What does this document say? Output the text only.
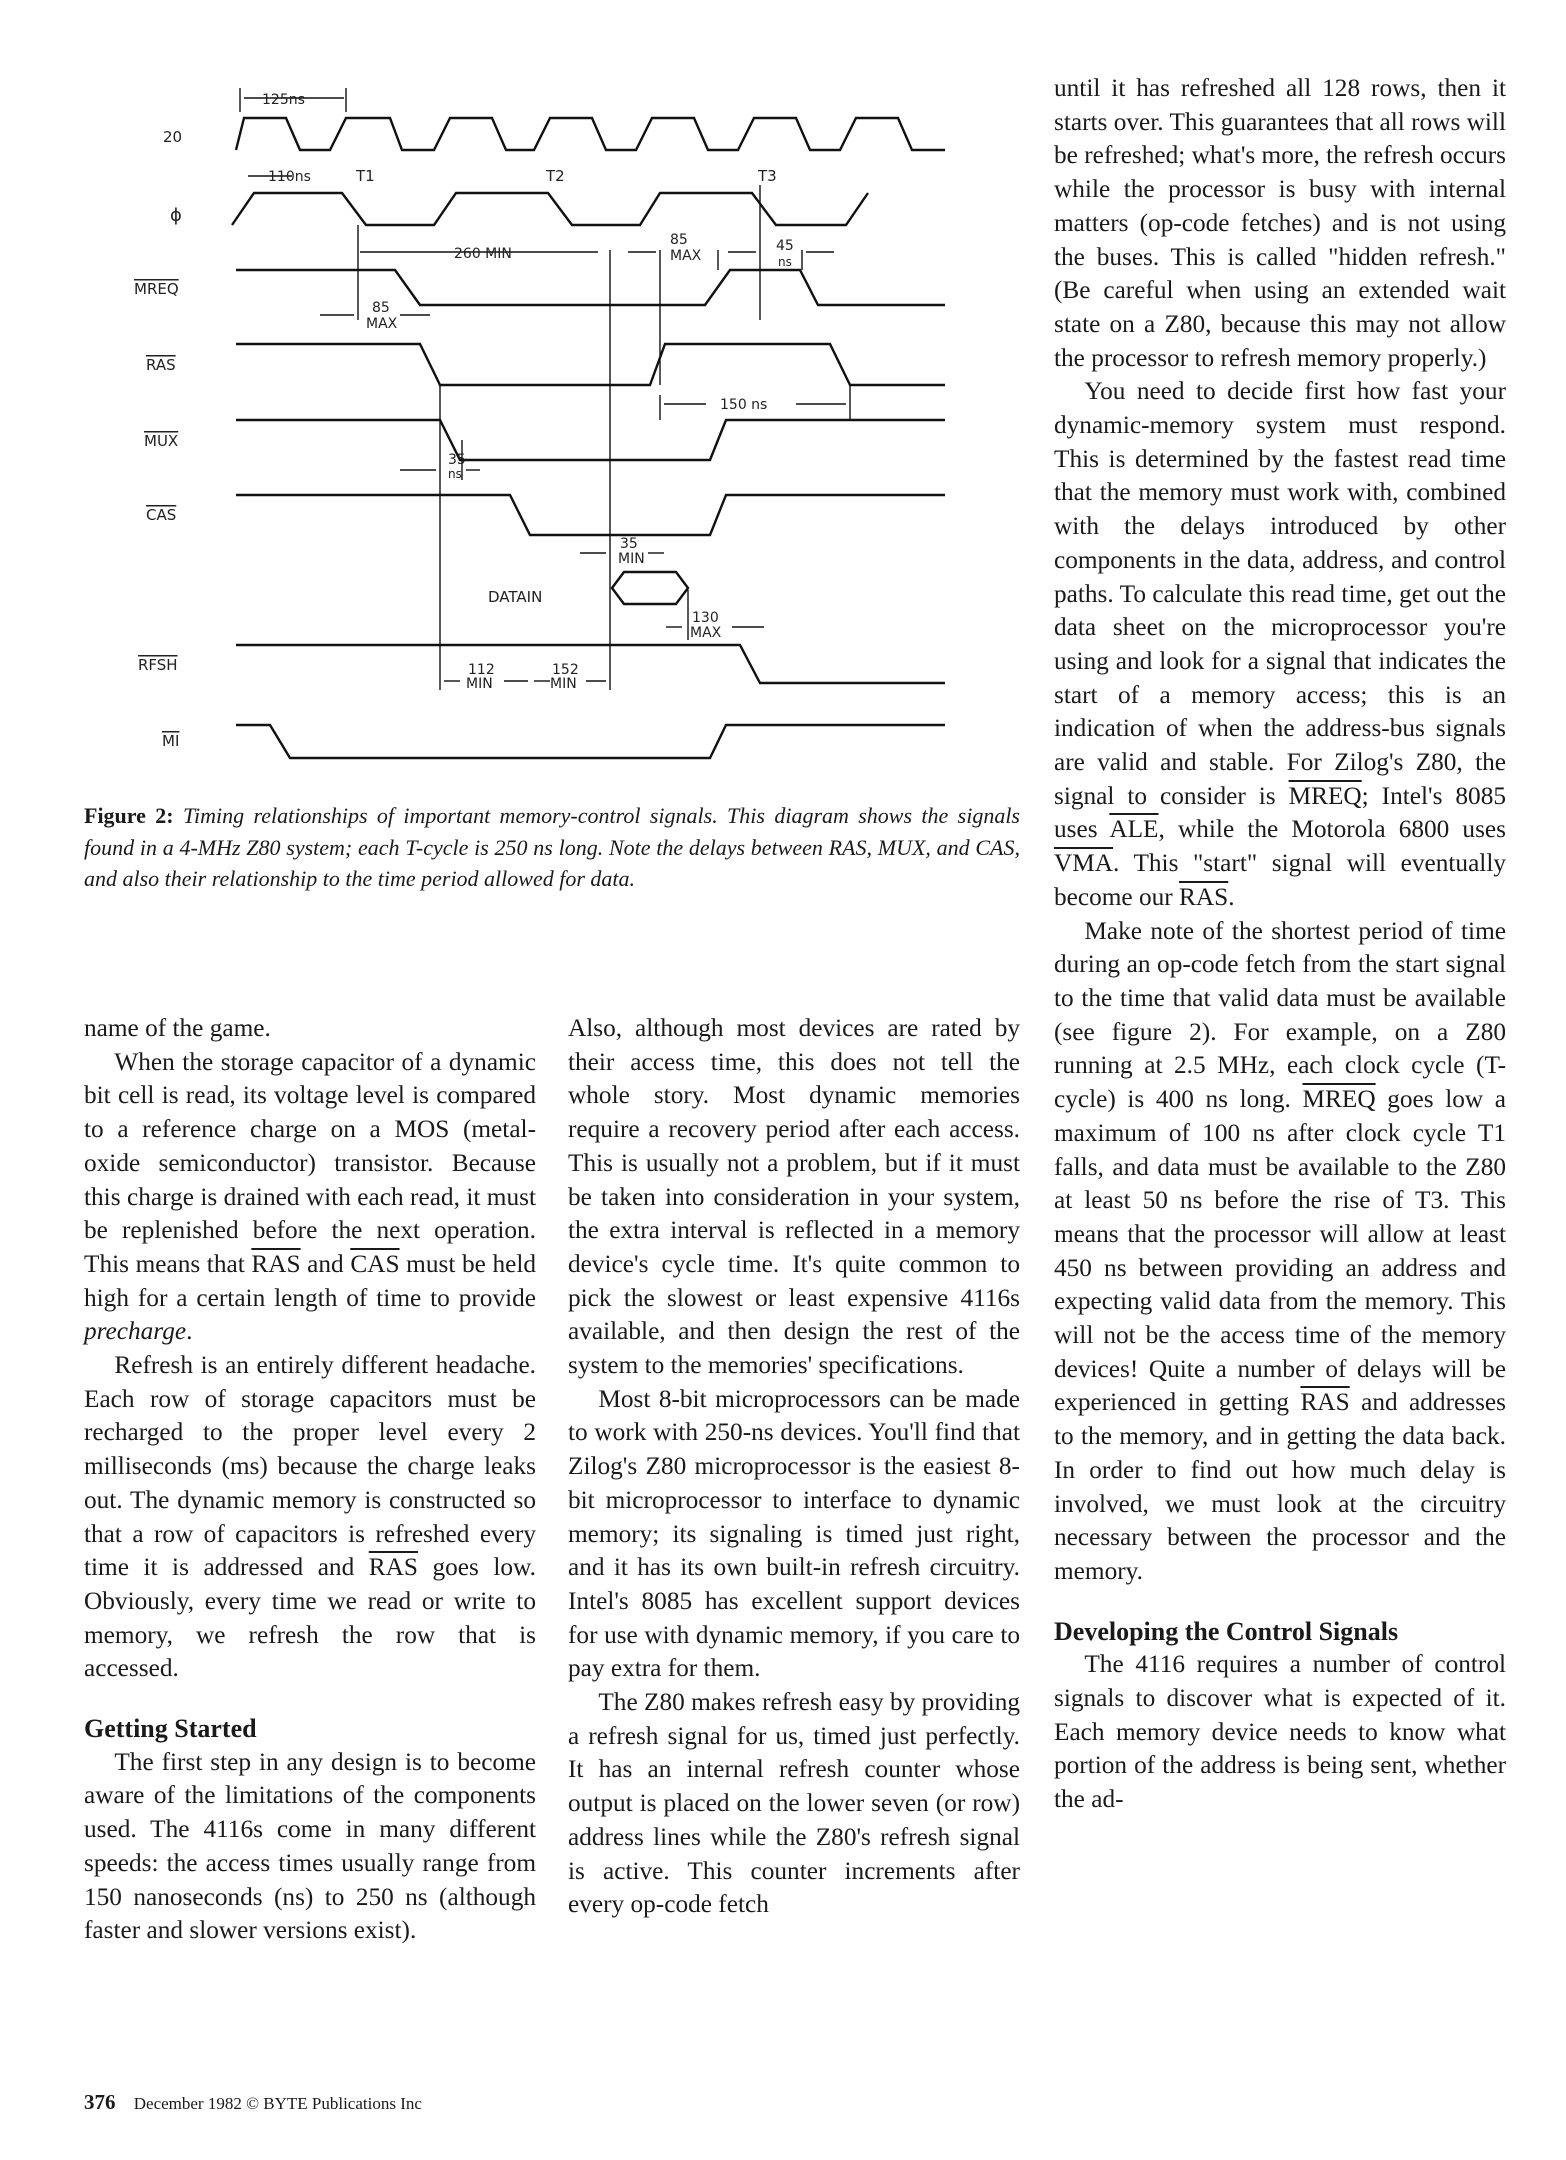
20
ϕ
MREQ
RAS
MUX
CAS
DATAIN
RFSH
MI
T1	T2	T3
125ns
110ns
260 MIN
85
MAX
45
ns
85
MAX
150 ns
35
ns
35
MIN
130
MAX
112
MIN
152
MIN
Figure 2: Timing relationships of important memory-control signals. This diagram shows the signals found in a 4-MHz Z80 system; each T-cycle is 250 ns long. Note the delays between RAS, MUX, and CAS, and also their relationship to the time period allowed for data.

name of the game.

When the storage capacitor of a dynamic bit cell is read, its voltage level is compared to a reference charge on a MOS (metal-oxide semiconductor) transistor. Because this charge is drained with each read, it must be replenished before the next operation. This means that $\overline{RAS}$ and $\overline{CAS}$ must be held high for a certain length of time to provide precharge.

Refresh is an entirely different headache. Each row of storage capacitors must be recharged to the proper level every 2 milliseconds (ms) because the charge leaks out. The dynamic memory is constructed so that a row of capacitors is refreshed every time it is addressed and $\overline{RAS}$ goes low. Obviously, every time we read or write to memory, we refresh the row that is accessed.

Getting Started

The first step in any design is to become aware of the limitations of the components used. The 4116s come in many different speeds: the access times usually range from 150 nanoseconds (ns) to 250 ns (although faster and slower versions exist).

Also, although most devices are rated by their access time, this does not tell the whole story. Most dynamic memories require a recovery period after each access. This is usually not a problem, but if it must be taken into consideration in your system, the extra interval is reflected in a memory device's cycle time. It's quite common to pick the slowest or least expensive 4116s available, and then design the rest of the system to the memories' specifications.

Most 8-bit microprocessors can be made to work with 250-ns devices. You'll find that Zilog's Z80 microprocessor is the easiest 8-bit microprocessor to interface to dynamic memory; its signaling is timed just right, and it has its own built-in refresh circuitry. Intel's 8085 has excellent support devices for use with dynamic memory, if you care to pay extra for them.

The Z80 makes refresh easy by providing a refresh signal for us, timed just perfectly. It has an internal refresh counter whose output is placed on the lower seven (or row) address lines while the Z80's refresh signal is active. This counter increments after every op-code fetch

until it has refreshed all 128 rows, then it starts over. This guarantees that all rows will be refreshed; what's more, the refresh occurs while the processor is busy with internal matters (op-code fetches) and is not using the buses. This is called "hidden refresh." (Be careful when using an extended wait state on a Z80, because this may not allow the processor to refresh memory properly.)

You need to decide first how fast your dynamic-memory system must respond. This is determined by the fastest read time that the memory must work with, combined with the delays introduced by other components in the data, address, and control paths. To calculate this read time, get out the data sheet on the microprocessor you're using and look for a signal that indicates the start of a memory access; this is an indication of when the address-bus signals are valid and stable. For Zilog's Z80, the signal to consider is MREQ; Intel's 8085 uses $\overline{ALE}$, while the Motorola 6800 uses $\overline{VMA}$. This "start" signal will eventually become our $\overline{RAS}$.

Make note of the shortest period of time during an op-code fetch from the start signal to the time that valid data must be available (see figure 2). For example, on a Z80 running at 2.5 MHz, each clock cycle (T-cycle) is 400 ns long. MREQ goes low a maximum of 100 ns after clock cycle T1 falls, and data must be available to the Z80 at least 50 ns before the rise of T3. This means that the processor will allow at least 450 ns between providing an address and expecting valid data from the memory. This will not be the access time of the memory devices! Quite a number of delays will be experienced in getting $\overline{RAS}$ and addresses to the memory, and in getting the data back. In order to find out how much delay is involved, we must look at the circuitry necessary between the processor and the memory.

Developing the Control Signals

The 4116 requires a number of control signals to discover what is expected of it. Each memory device needs to know what portion of the address is being sent, whether the ad-

376 December 1982 © BYTE Publications Inc
